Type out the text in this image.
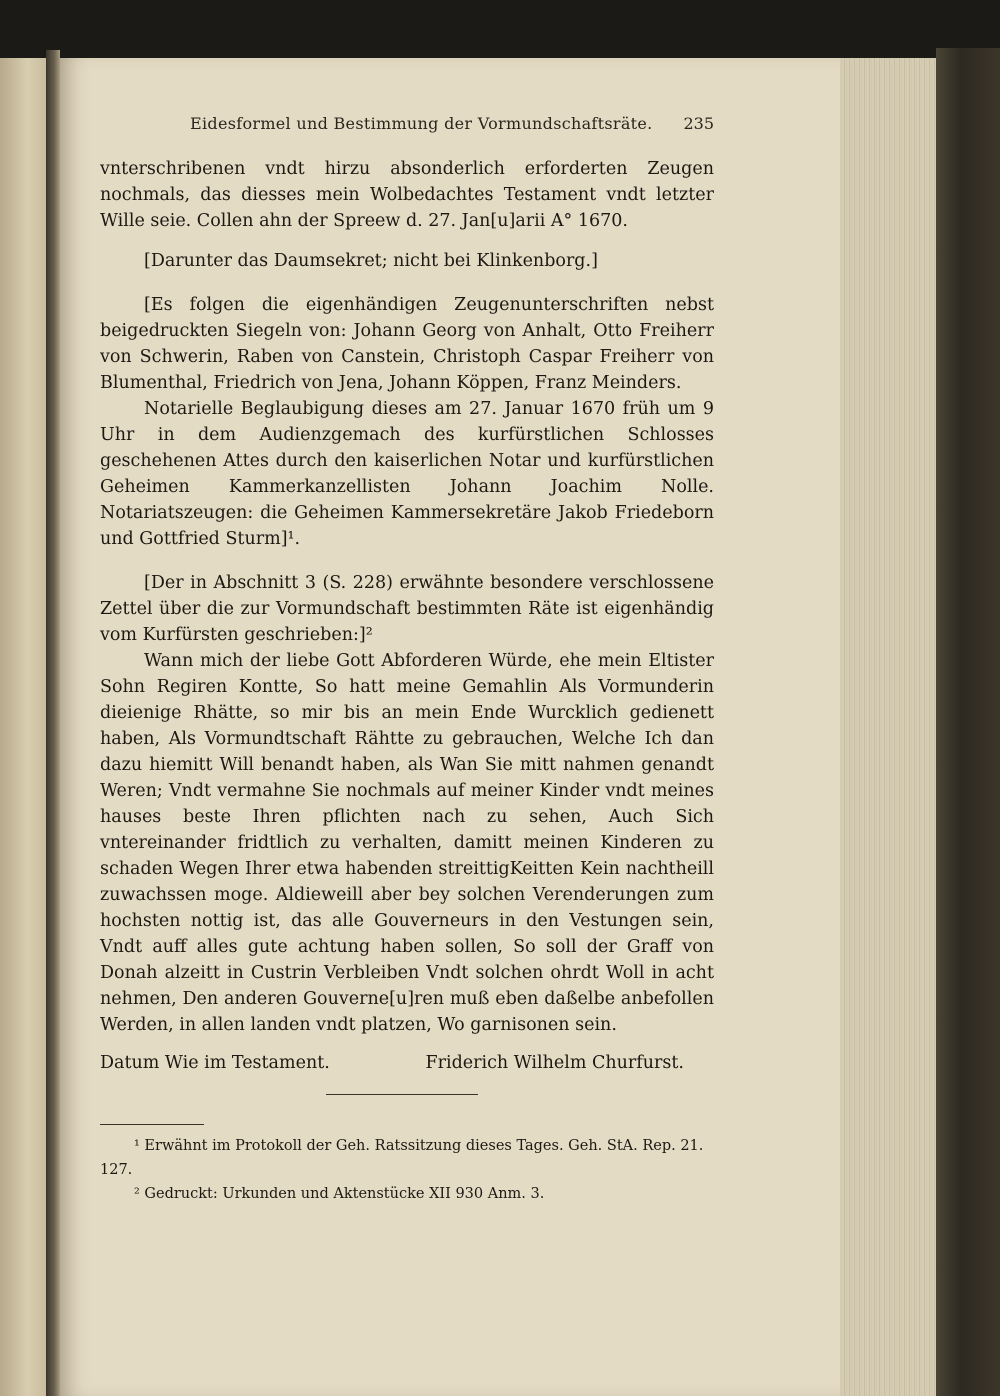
Eidesformel und Bestimmung der Vormundschaftsräte. 235

vnterschribenen vndt hirzu absonderlich erforderten Zeugen nochmals, das diesses mein Wolbedachtes Testament vndt letzter Wille seie. Collen ahn der Spreew d. 27. Jan[u]arii A° 1670.

[Darunter das Daumsekret; nicht bei Klinkenborg.]

[Es folgen die eigenhändigen Zeugenunterschriften nebst beigedruckten Siegeln von: Johann Georg von Anhalt, Otto Freiherr von Schwerin, Raben von Canstein, Christoph Caspar Freiherr von Blumenthal, Friedrich von Jena, Johann Köppen, Franz Meinders.

Notarielle Beglaubigung dieses am 27. Januar 1670 früh um 9 Uhr in dem Audienzgemach des kurfürstlichen Schlosses geschehenen Attes durch den kaiserlichen Notar und kurfürstlichen Geheimen Kammerkanzellisten Johann Joachim Nolle. Notariatszeugen: die Geheimen Kammersekretäre Jakob Friedeborn und Gottfried Sturm]¹.

[Der in Abschnitt 3 (S. 228) erwähnte besondere verschlossene Zettel über die zur Vormundschaft bestimmten Räte ist eigenhändig vom Kurfürsten geschrieben:]²

Wann mich der liebe Gott Abforderen Würde, ehe mein Eltister Sohn Regiren Kontte, So hatt meine Gemahlin Als Vormunderin dieienige Rhätte, so mir bis an mein Ende Wurcklich gedienett haben, Als Vormundtschaft Rähtte zu gebrauchen, Welche Ich dan dazu hiemitt Will benandt haben, als Wan Sie mitt nahmen genandt Weren; Vndt vermahne Sie nochmals auf meiner Kinder vndt meines hauses beste Ihren pflichten nach zu sehen, Auch Sich vntereinander fridtlich zu verhalten, damitt meinen Kinderen zu schaden Wegen Ihrer etwa habenden streittigKeitten Kein nachtheill zuwachssen moge. Aldieweill aber bey solchen Verenderungen zum hochsten nottig ist, das alle Gouverneurs in den Vestungen sein, Vndt auff alles gute achtung haben sollen, So soll der Graff von Donah alzeitt in Custrin Verbleiben Vndt solchen ohrdt Woll in acht nehmen, Den anderen Gouverne[u]ren muß eben daßelbe anbefollen Werden, in allen landen vndt platzen, Wo garnisonen sein.

Datum Wie im Testament.	Friderich Wilhelm Churfurst.

¹ Erwähnt im Protokoll der Geh. Ratssitzung dieses Tages. Geh. StA. Rep. 21. 127.

² Gedruckt: Urkunden und Aktenstücke XII 930 Anm. 3.
